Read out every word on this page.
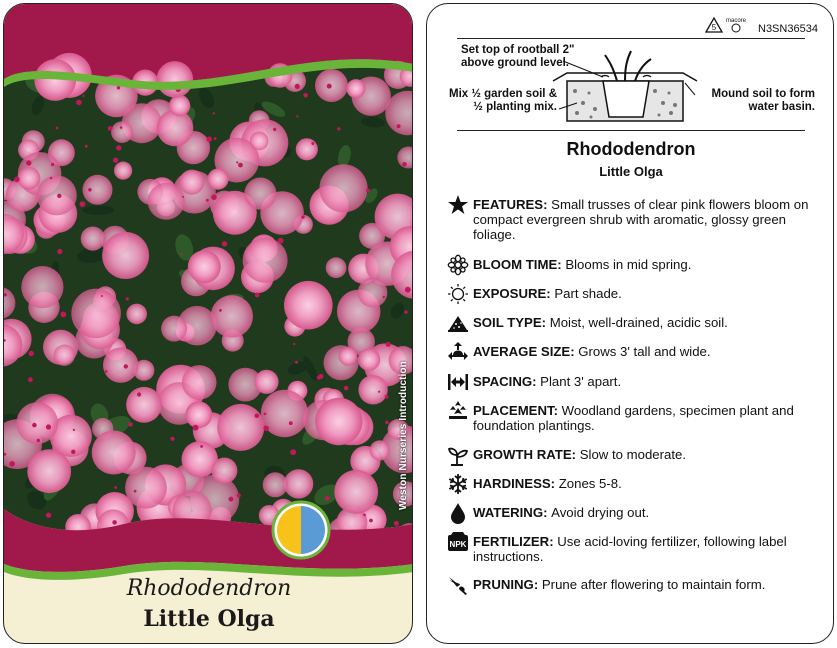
Weston Nurseries Introduction
Rhododendron
Little Olga
5
macore
N3SN36534
Set top of rootball 2" above ground level.
Mix ½ garden soil & ½ planting mix.
Mound soil to form water basin.
Rhododendron
Little Olga
FEATURES: Small trusses of clear pink flowers bloom on compact evergreen shrub with aromatic, glossy green foliage.
BLOOM TIME: Blooms in mid spring.
EXPOSURE: Part shade.
SOIL TYPE: Moist, well-drained, acidic soil.
AVERAGE SIZE: Grows 3' tall and wide.
SPACING: Plant 3' apart.
PLACEMENT: Woodland gardens, specimen plant and foundation plantings.
GROWTH RATE: Slow to moderate.
HARDINESS: Zones 5-8.
WATERING: Avoid drying out.
NPK FERTILIZER: Use acid-loving fertilizer, following label instructions.
PRUNING: Prune after flowering to maintain form.
